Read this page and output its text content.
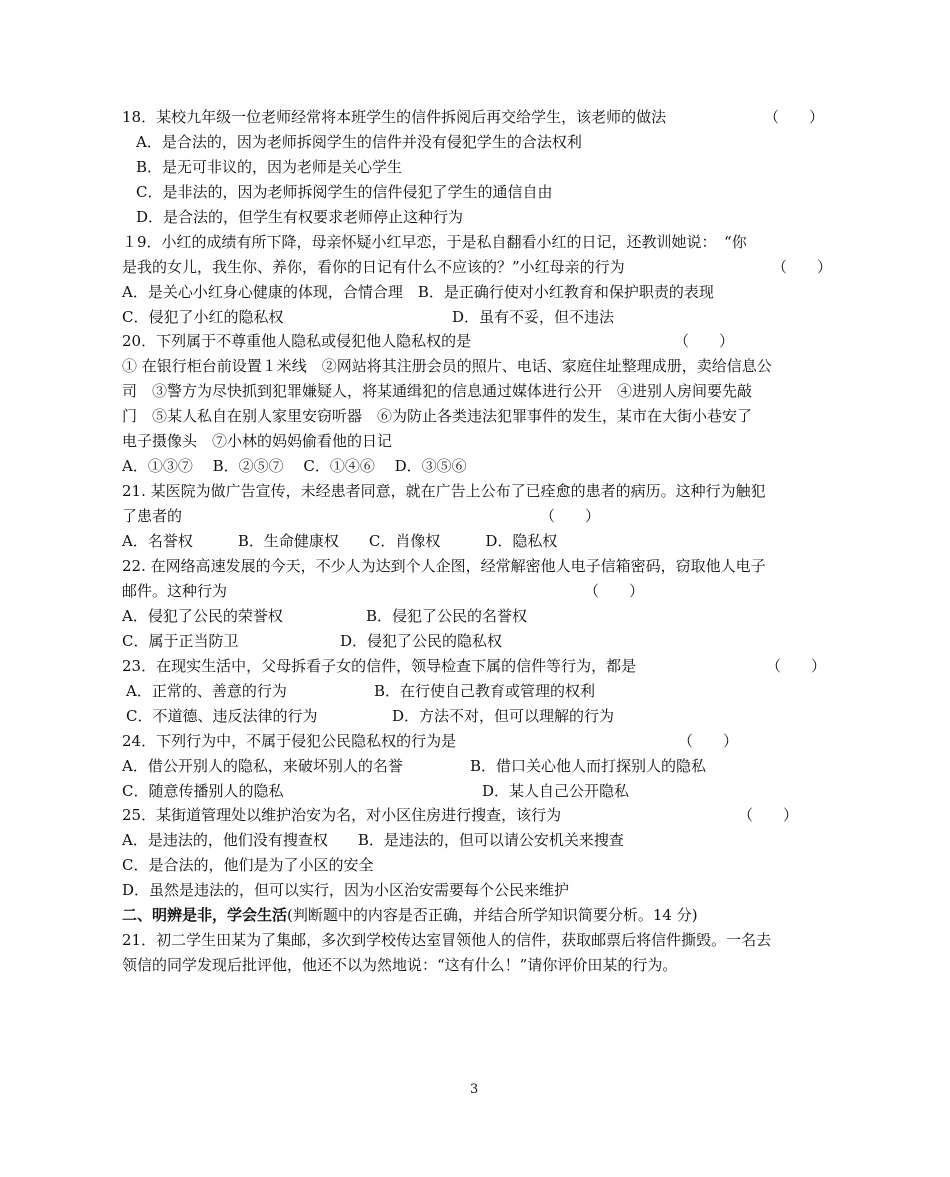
18．某校九年级一位老师经常将本班学生的信件拆阅后再交给学生，该老师的做法	（　　）
A．是合法的，因为老师拆阅学生的信件并没有侵犯学生的合法权利
B．是无可非议的，因为老师是关心学生
C．是非法的，因为老师拆阅学生的信件侵犯了学生的通信自由
D．是合法的，但学生有权要求老师停止这种行为
１9．小红的成绩有所下降，母亲怀疑小红早恋，于是私自翻看小红的日记，还教训她说：　“你
是我的女儿，我生你、养你，看你的日记有什么不应该的？”小红母亲的行为	（　　）
A．是关心小红身心健康的体现，合情合理　B．是正确行使对小红教育和保护职责的表现
C．侵犯了小红的隐私权	D．虽有不妥，但不违法
20．下列属于不尊重他人隐私或侵犯他人隐私权的是	（　　）
① 在银行柜台前设置１米线　②网站将其注册会员的照片、电话、家庭住址整理成册，卖给信息公
司　③警方为尽快抓到犯罪嫌疑人，将某通缉犯的信息通过媒体进行公开　④进别人房间要先敲
门　⑤某人私自在别人家里安窃听器　⑥为防止各类违法犯罪事件的发生，某市在大街小巷安了
电子摄像头　⑦小林的妈妈偷看他的日记
A．①③⑦　 B．②⑤⑦　 C．①④⑥　 D．③⑤⑥
21. 某医院为做广告宣传，未经患者同意，就在广告上公布了已痊愈的患者的病历。这种行为触犯
了患者的	（　　）
A．名誉权　　　B．生命健康权　　C．肖像权　　　D．隐私权
22. 在网络高速发展的今天，不少人为达到个人企图，经常解密他人电子信箱密码，窃取他人电子
邮件。这种行为	（　　）
A．侵犯了公民的荣誉权	B．侵犯了公民的名誉权
C．属于正当防卫	D．侵犯了公民的隐私权
23．在现实生活中，父母拆看子女的信件，领导检查下属的信件等行为，都是	（　　）
A．正常的、善意的行为	B．在行使自己教育或管理的权利
C．不道德、违反法律的行为	D．方法不对，但可以理解的行为
24．下列行为中，不属于侵犯公民隐私权的行为是	（　　）
A．借公开别人的隐私，来破坏别人的名誉	B．借口关心他人而打探别人的隐私
C．随意传播别人的隐私	D．某人自己公开隐私
25．某街道管理处以维护治安为名，对小区住房进行搜查，该行为	（　　）
A．是违法的，他们没有搜查权　　B．是违法的，但可以请公安机关来搜查
C．是合法的，他们是为了小区的安全
D．虽然是违法的，但可以实行，因为小区治安需要每个公民来维护
二、明辨是非，学会生活(判断题中的内容是否正确，并结合所学知识简要分析。14 分)
21．初二学生田某为了集邮，多次到学校传达室冒领他人的信件，获取邮票后将信件撕毁。一名去
领信的同学发现后批评他，他还不以为然地说：“这有什么！”请你评价田某的行为。
3
